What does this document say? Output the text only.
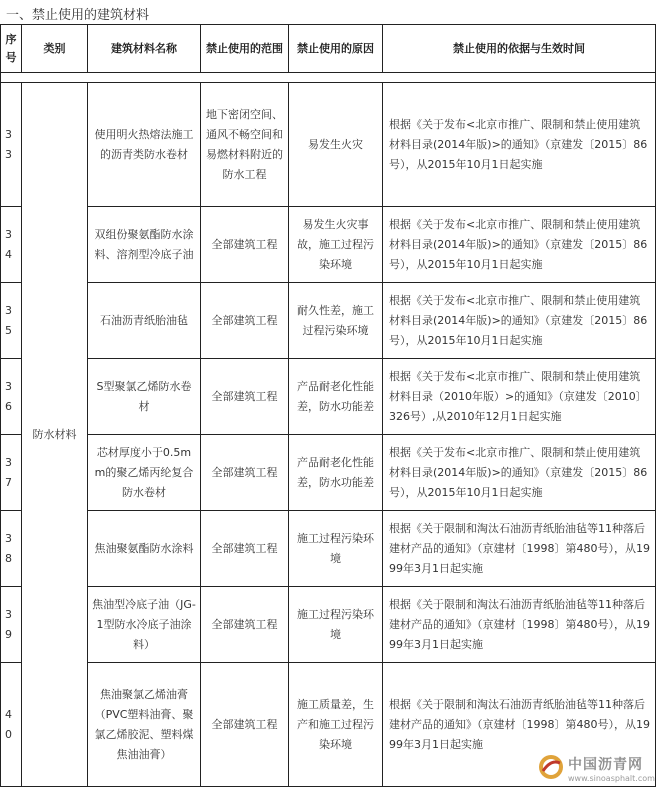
一、禁止使用的建筑材料
序号	类别	建筑材料名称	禁止使用的范围	禁止使用的原因	禁止使用的依据与生效时间

33	防水材料	使用明火热熔法施工的沥青类防水卷材	地下密闭空间、通风不畅空间和易燃材料附近的防水工程	易发生火灾	根据《关于发布<北京市推广、限制和禁止使用建筑材料目录(2014年版)>的通知》（京建发〔2015〕86号），从2015年10月1日起实施
34		双组份聚氨酯防水涂料、溶剂型冷底子油	全部建筑工程	易发生火灾事故，施工过程污染环境	根据《关于发布<北京市推广、限制和禁止使用建筑材料目录(2014年版)>的通知》（京建发〔2015〕86号），从2015年10月1日起实施
35		石油沥青纸胎油毡	全部建筑工程	耐久性差，施工过程污染环境	根据《关于发布<北京市推广、限制和禁止使用建筑材料目录(2014年版)>的通知》（京建发〔2015〕86号），从2015年10月1日起实施
36		S型聚氯乙烯防水卷材	全部建筑工程	产品耐老化性能差，防水功能差	根据《关于发布<北京市推广、限制和禁止使用建筑材料目录（2010年版）>的通知》（京建发〔2010〕326号）,从2010年12月1日起实施
37		芯材厚度小于0.5mm的聚乙烯丙纶复合防水卷材	全部建筑工程	产品耐老化性能差，防水功能差	根据《关于发布<北京市推广、限制和禁止使用建筑材料目录(2014年版)>的通知》（京建发〔2015〕86号），从2015年10月1日起实施
38		焦油聚氨酯防水涂料	全部建筑工程	施工过程污染环境	根据《关于限制和淘汰石油沥青纸胎油毡等11种落后建材产品的通知》（京建材〔1998〕第480号），从1999年3月1日起实施
39		焦油型冷底子油（JG-1型防水冷底子油涂料）	全部建筑工程	施工过程污染环境	根据《关于限制和淘汰石油沥青纸胎油毡等11种落后建材产品的通知》（京建材〔1998〕第480号），从1999年3月1日起实施
40		焦油聚氯乙烯油膏（PVC塑料油膏、聚氯乙烯胶泥、塑料煤焦油油膏）	全部建筑工程	施工质量差，生产和施工过程污染环境	根据《关于限制和淘汰石油沥青纸胎油毡等11种落后建材产品的通知》（京建材〔1998〕第480号），从1999年3月1日起实施
中国沥青网
www.sinoasphalt.com
